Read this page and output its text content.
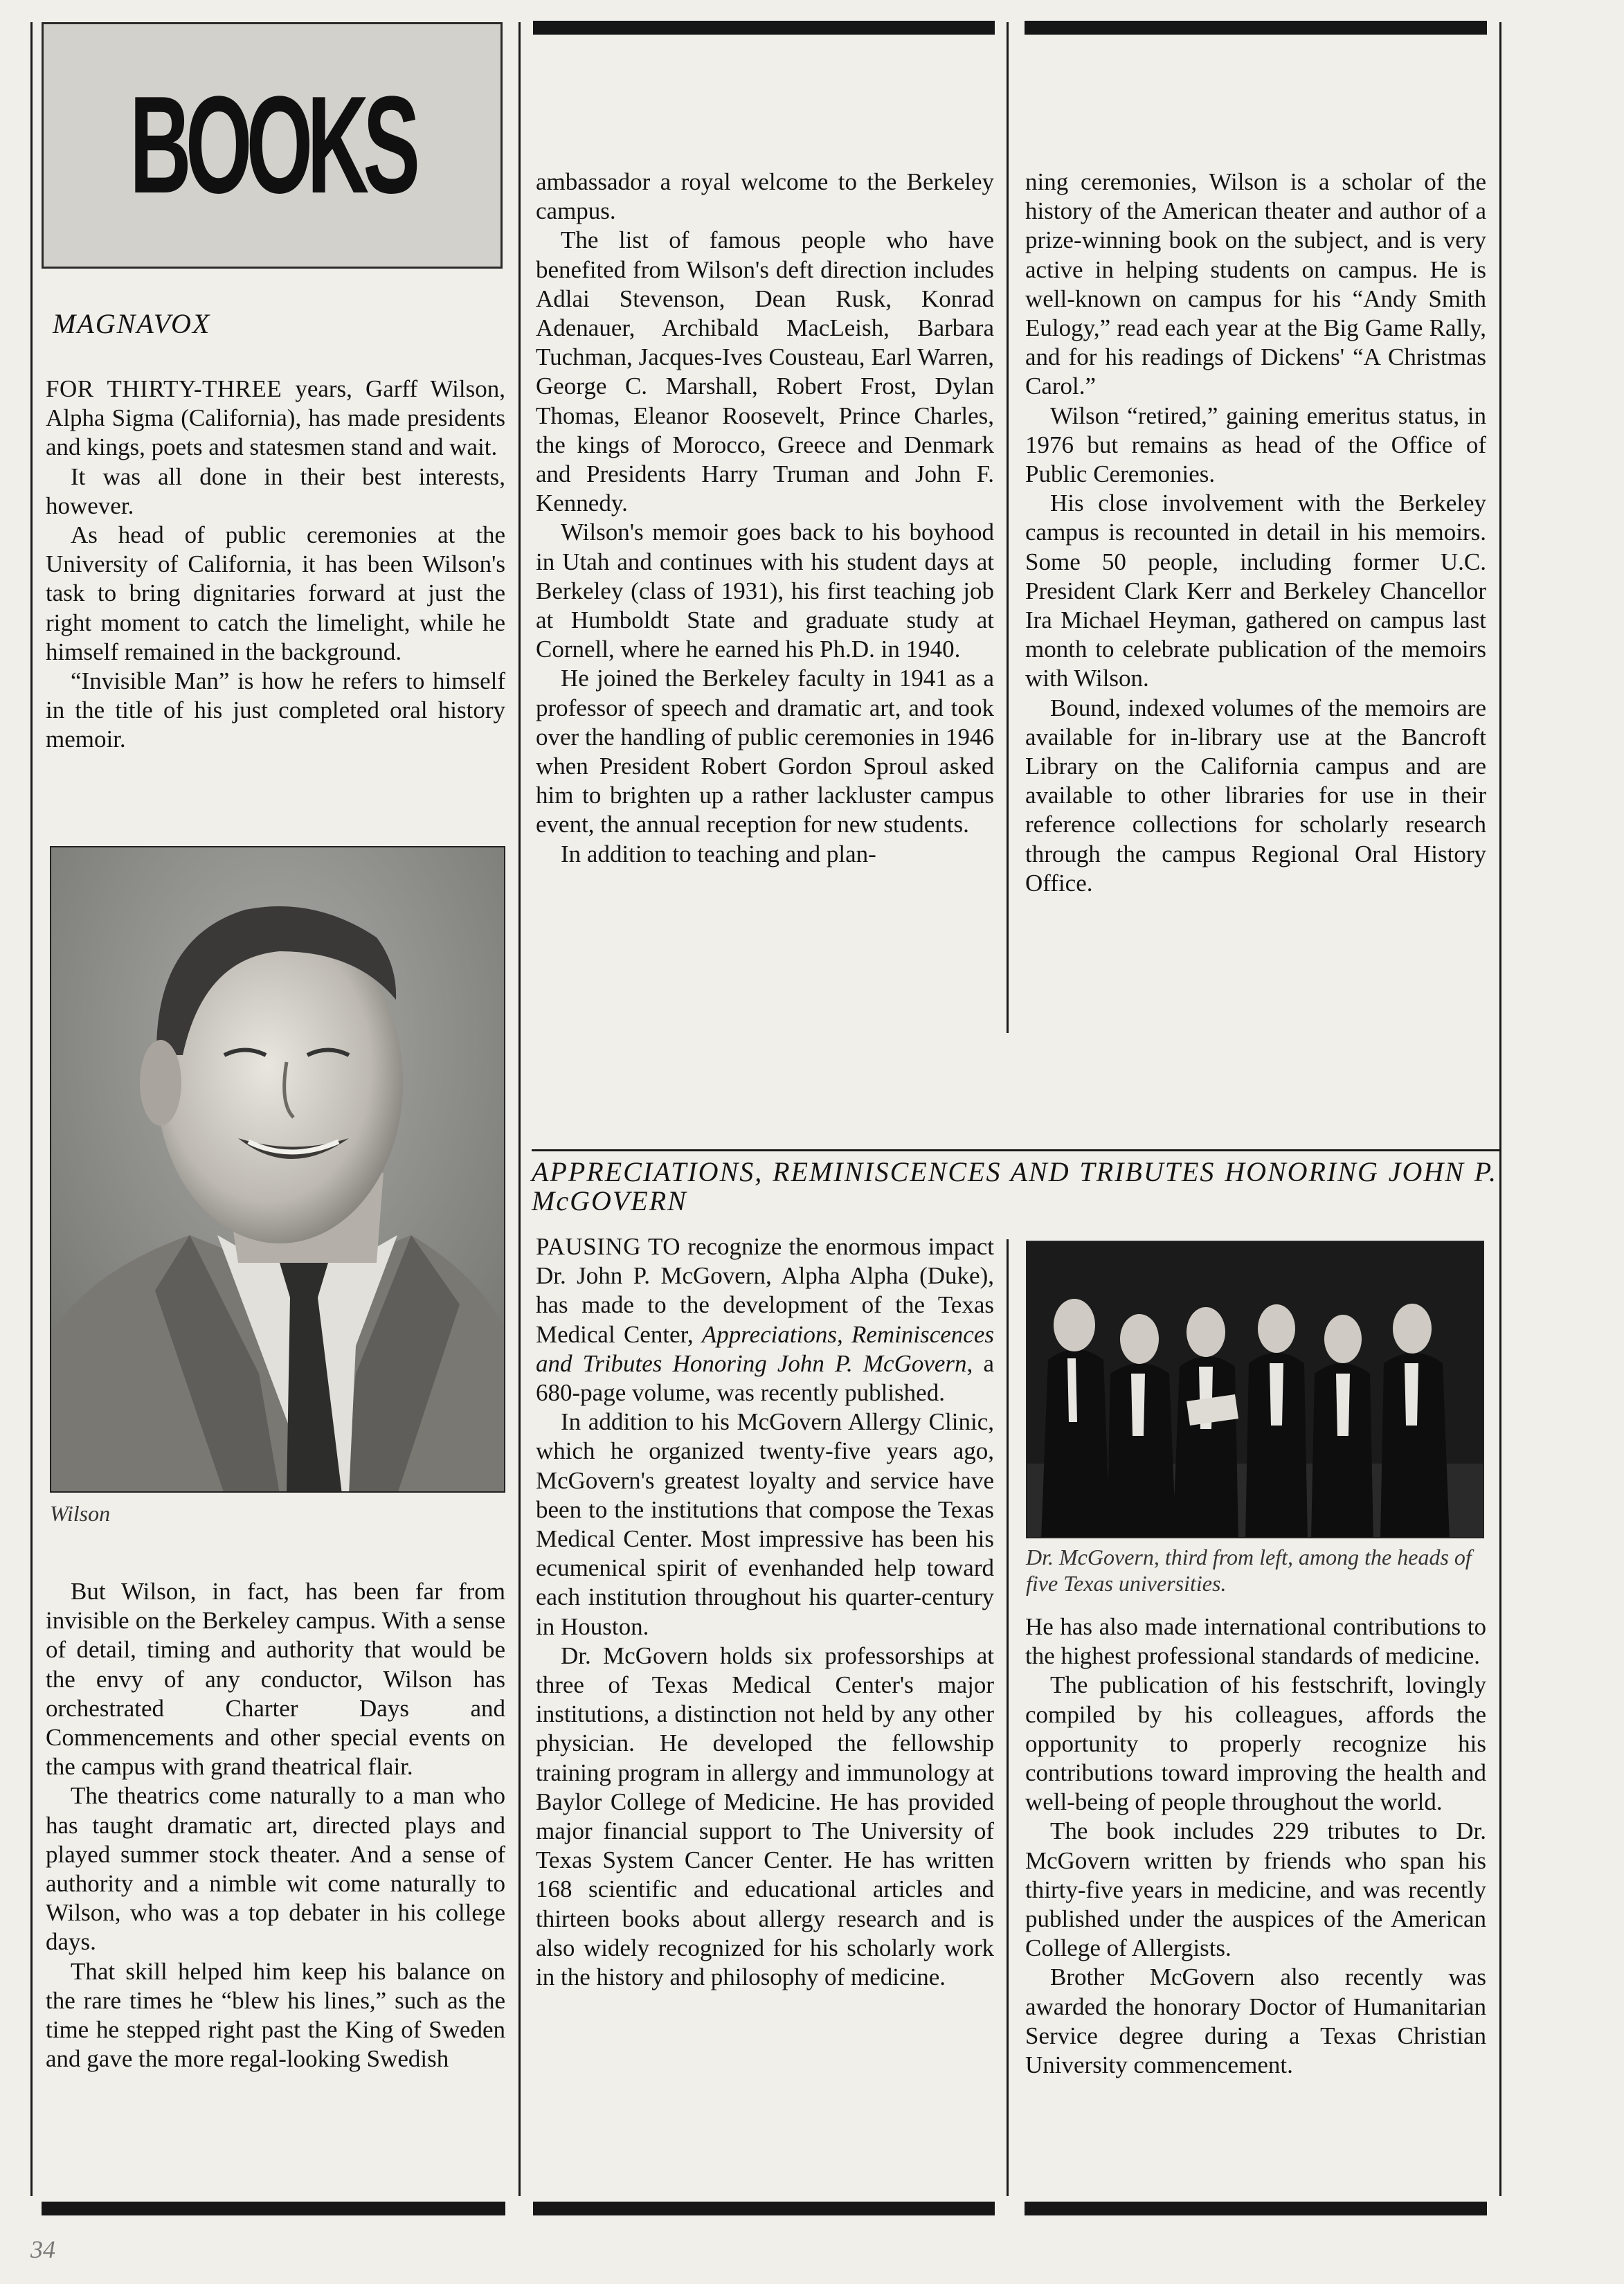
BOOKS
MAGNAVOX

FOR THIRTY-THREE years, Garff Wilson, Alpha Sigma (California), has made presidents and kings, poets and statesmen stand and wait.

It was all done in their best interests, however.

As head of public ceremonies at the University of California, it has been Wilson's task to bring dignitaries forward at just the right moment to catch the limelight, while he himself remained in the background.

“Invisible Man” is how he refers to himself in the title of his just completed oral history memoir.

Wilson

But Wilson, in fact, has been far from invisible on the Berkeley campus. With a sense of detail, timing and authority that would be the envy of any conductor, Wilson has orchestrated Charter Days and Commencements and other special events on the campus with grand theatrical flair.

The theatrics come naturally to a man who has taught dramatic art, directed plays and played summer stock theater. And a sense of authority and a nimble wit come naturally to Wilson, who was a top debater in his college days.

That skill helped him keep his balance on the rare times he “blew his lines,” such as the time he stepped right past the King of Sweden and gave the more regal-looking Swedish

ambassador a royal welcome to the Berkeley campus.

The list of famous people who have benefited from Wilson's deft direction includes Adlai Stevenson, Dean Rusk, Konrad Adenauer, Archibald MacLeish, Barbara Tuchman, Jacques-Ives Cousteau, Earl Warren, George C. Marshall, Robert Frost, Dylan Thomas, Eleanor Roosevelt, Prince Charles, the kings of Morocco, Greece and Denmark and Presidents Harry Truman and John F. Kennedy.

Wilson's memoir goes back to his boyhood in Utah and continues with his student days at Berkeley (class of 1931), his first teaching job at Humboldt State and graduate study at Cornell, where he earned his Ph.D. in 1940.

He joined the Berkeley faculty in 1941 as a professor of speech and dramatic art, and took over the handling of public ceremonies in 1946 when President Robert Gordon Sproul asked him to brighten up a rather lackluster campus event, the annual reception for new students.

In addition to teaching and plan-

ning ceremonies, Wilson is a scholar of the history of the American theater and author of a prize-winning book on the subject, and is very active in helping students on campus. He is well-known on campus for his “Andy Smith Eulogy,” read each year at the Big Game Rally, and for his readings of Dickens' “A Christmas Carol.”

Wilson “retired,” gaining emeritus status, in 1976 but remains as head of the Office of Public Ceremonies.

His close involvement with the Berkeley campus is recounted in detail in his memoirs. Some 50 people, including former U.C. President Clark Kerr and Berkeley Chancellor Ira Michael Heyman, gathered on campus last month to celebrate publication of the memoirs with Wilson.

Bound, indexed volumes of the memoirs are available for in-library use at the Bancroft Library on the California campus and are available to other libraries for use in their reference collections for scholarly research through the campus Regional Oral History Office.

APPRECIATIONS, REMINISCENCES AND TRIBUTES HONORING JOHN P. McGOVERN

PAUSING TO recognize the enormous impact Dr. John P. McGovern, Alpha Alpha (Duke), has made to the development of the Texas Medical Center, Appreciations, Reminiscences and Tributes Honoring John P. McGovern, a 680-page volume, was recently published.

In addition to his McGovern Allergy Clinic, which he organized twenty-five years ago, McGovern's greatest loyalty and service have been to the institutions that compose the Texas Medical Center. Most impressive has been his ecumenical spirit of evenhanded help toward each institution throughout his quarter-century in Houston.

Dr. McGovern holds six professorships at three of Texas Medical Center's major institutions, a distinction not held by any other physician. He developed the fellowship training program in allergy and immunology at Baylor College of Medicine. He has provided major financial support to The University of Texas System Cancer Center. He has written 168 scientific and educational articles and thirteen books about allergy research and is also widely recognized for his scholarly work in the history and philosophy of medicine.

Dr. McGovern, third from left, among the heads of five Texas universities.

He has also made international contributions to the highest professional standards of medicine.

The publication of his festschrift, lovingly compiled by his colleagues, affords the opportunity to properly recognize his contributions toward improving the health and well-being of people throughout the world.

The book includes 229 tributes to Dr. McGovern written by friends who span his thirty-five years in medicine, and was recently published under the auspices of the American College of Allergists.

Brother McGovern also recently was awarded the honorary Doctor of Humanitarian Service degree during a Texas Christian University commencement.

34
